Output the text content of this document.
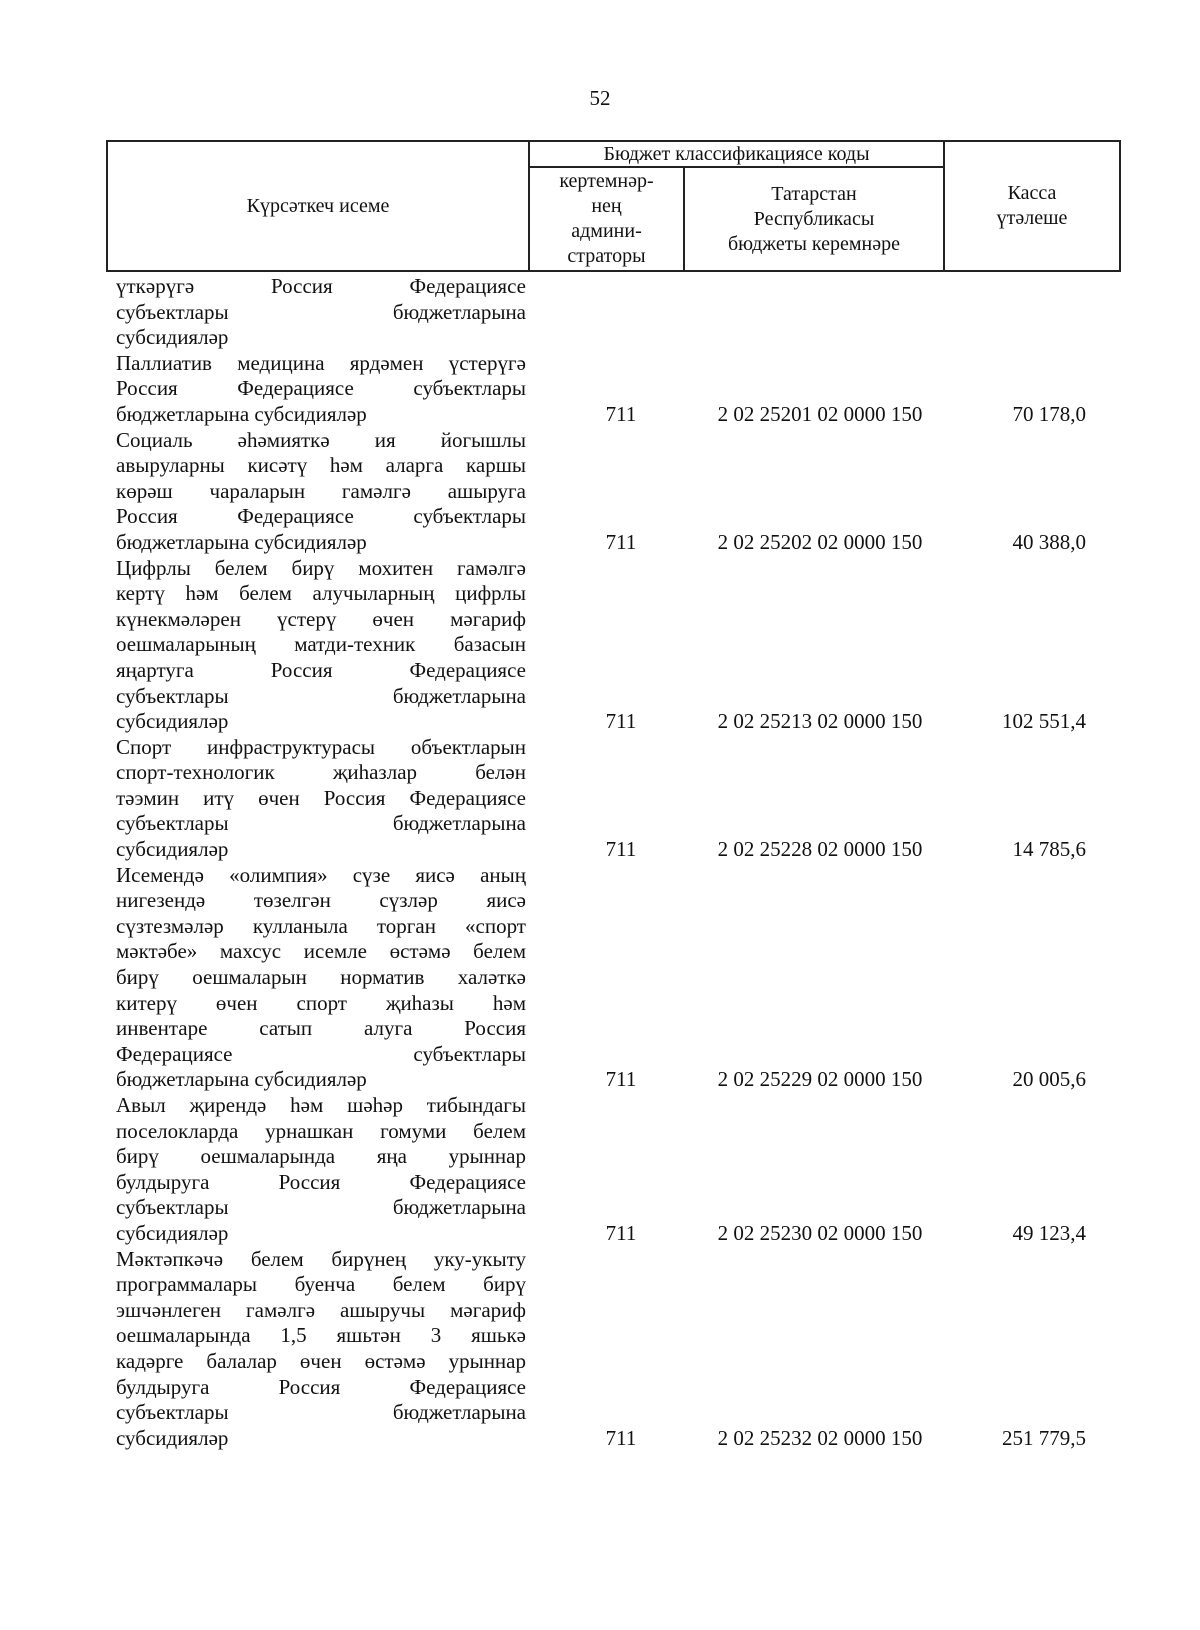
52
Күрсәткеч исеме	Бюджет классификациясе коды		Касса
үтәлеше
	кертемнәр-
нең
админи-
страторы	Татарстан
Республикасы
бюджеты керемнәре	
үткәрүгә Россия Федерациясе
субъектлары бюджетларына
субсидияләр
Паллиатив медицина ярдәмен үстерүгә
Россия Федерациясе субъектлары
бюджетларына субсидияләр	711	2 02 25201 02 0000 150	70 178,0
Социаль әһәмияткә ия йогышлы
авыруларны кисәтү һәм аларга каршы
көрәш чараларын гамәлгә ашыруга
Россия Федерациясе субъектлары
бюджетларына субсидияләр	711	2 02 25202 02 0000 150	40 388,0
Цифрлы белем бирү мохитен гамәлгә
кертү һәм белем алучыларның цифрлы
күнекмәләрен үстерү өчен мәгариф
оешмаларының матди-техник базасын
яңартуга Россия Федерациясе
субъектлары бюджетларына
субсидияләр	711	2 02 25213 02 0000 150	102 551,4
Спорт инфраструктурасы объектларын
спорт-технологик җиһазлар белән
тәэмин итү өчен Россия Федерациясе
субъектлары бюджетларына
субсидияләр	711	2 02 25228 02 0000 150	14 785,6
Исемендә «олимпия» сүзе яисә аның
нигезендә төзелгән сүзләр яисә
сүзтезмәләр кулланыла торган «спорт
мәктәбе» махсус исемле өстәмә белем
бирү оешмаларын норматив халәткә
китерү өчен спорт җиһазы һәм
инвентаре сатып алуга Россия
Федерациясе субъектлары
бюджетларына субсидияләр	711	2 02 25229 02 0000 150	20 005,6
Авыл җирендә һәм шәһәр тибындагы
поселокларда урнашкан гомуми белем
бирү оешмаларында яңа урыннар
булдыруга Россия Федерациясе
субъектлары бюджетларына
субсидияләр	711	2 02 25230 02 0000 150	49 123,4
Мәктәпкәчә белем бирүнең уку-укыту
программалары буенча белем бирү
эшчәнлеген гамәлгә ашыручы мәгариф
оешмаларында 1,5 яшьтән 3 яшькә
кадәрге балалар өчен өстәмә урыннар
булдыруга Россия Федерациясе
субъектлары бюджетларына
субсидияләр	711	2 02 25232 02 0000 150	251 779,5
